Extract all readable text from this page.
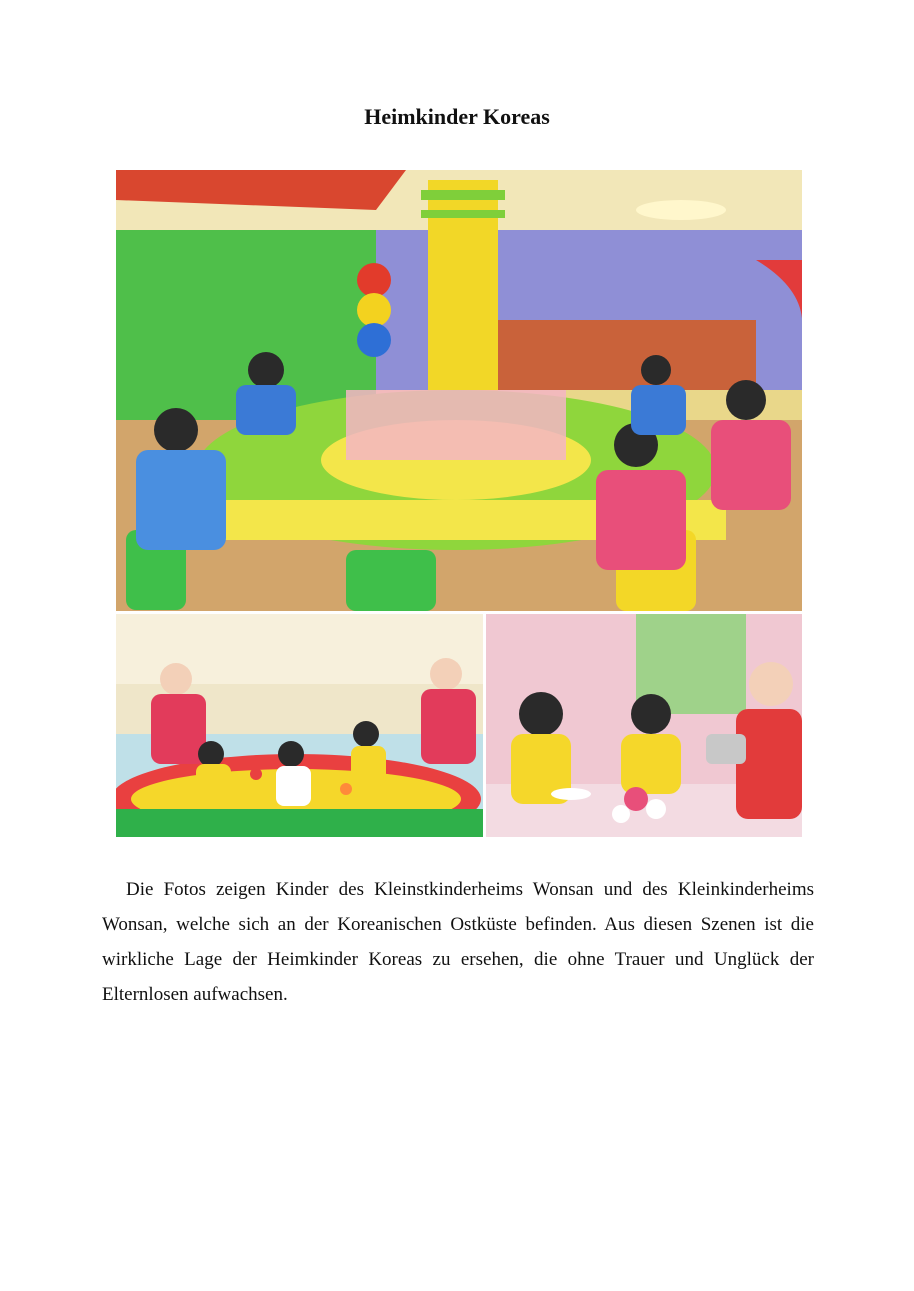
Heimkinder Koreas

Die Fotos zeigen Kinder des Kleinstkinderheims Wonsan und des Kleinkinderheims Wonsan, welche sich an der Koreanischen Ostküste befinden. Aus diesen Szenen ist die wirkliche Lage der Heimkinder Koreas zu ersehen, die ohne Trauer und Unglück der Elternlosen aufwachsen.
